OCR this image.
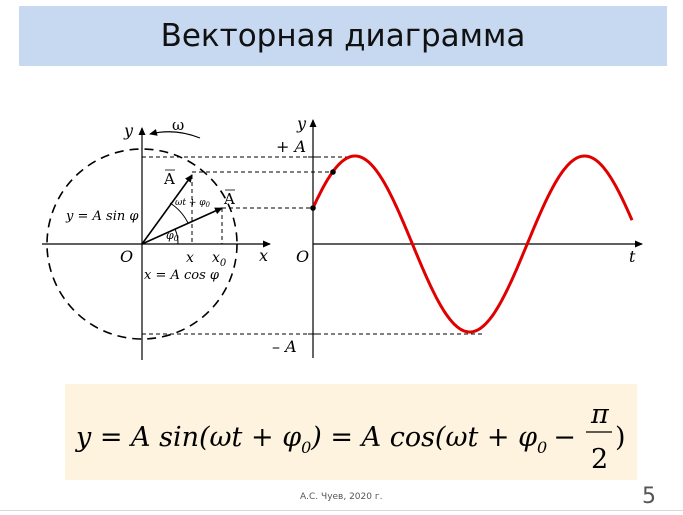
Векторная диаграмма
y
x
O	x $x_0$
y
t
O
+ A
– A
ω
A
A
$\omega t + \varphi_0$
φ0
y = A sin φ
x = A cos φ
y = A $\sin(\omega t + \varphi_0) = A$ $\cos(\omega t + \varphi_0$ −
π
2
)
А.С. Чуев, 2020 г.	5
